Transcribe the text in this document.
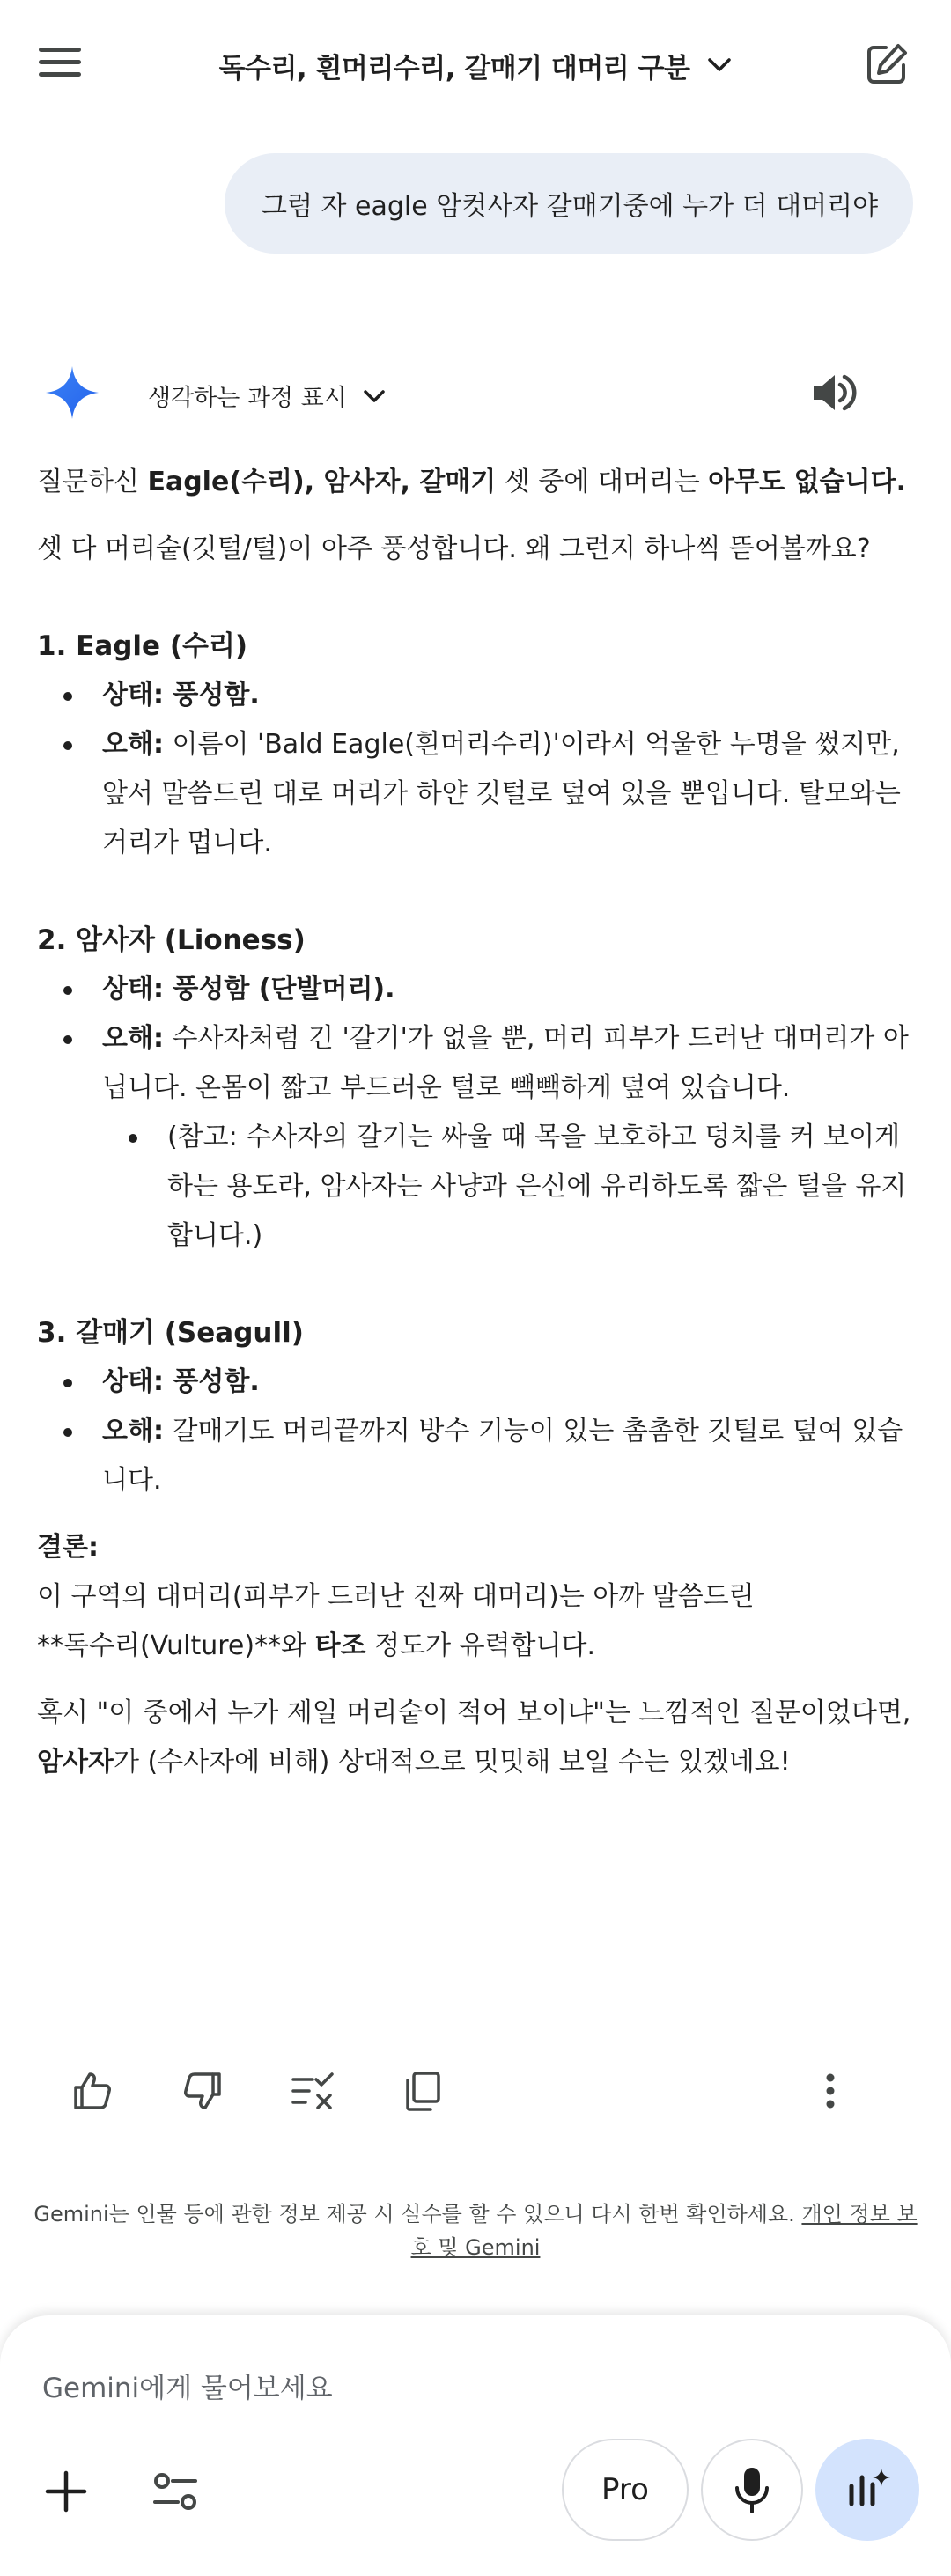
독수리, 흰머리수리, 갈매기 대머리 구분
그럼 자 eagle 암컷사자 갈매기중에 누가 더 대머리야
생각하는 과정 표시

질문하신 Eagle(수리), 암사자, 갈매기 셋 중에 대머리는 아무도 없습니다.

셋 다 머리숱(깃털/털)이 아주 풍성합니다. 왜 그런지 하나씩 뜯어볼까요?

1. Eagle (수리)

상태: 풍성함.

오해: 이름이 'Bald Eagle(흰머리수리)'이라서 억울한 누명을 썼지만, 앞서 말씀드린 대로 머리가 하얀 깃털로 덮여 있을 뿐입니다. 탈모와는 거리가 멉니다.

2. 암사자 (Lioness)

상태: 풍성함 (단발머리).

오해: 수사자처럼 긴 '갈기'가 없을 뿐, 머리 피부가 드러난 대머리가 아닙니다. 온몸이 짧고 부드러운 털로 빽빽하게 덮여 있습니다.

(참고: 수사자의 갈기는 싸울 때 목을 보호하고 덩치를 커 보이게 하는 용도라, 암사자는 사냥과 은신에 유리하도록 짧은 털을 유지합니다.)

3. 갈매기 (Seagull)

상태: 풍성함.

오해: 갈매기도 머리끝까지 방수 기능이 있는 촘촘한 깃털로 덮여 있습니다.

결론:

이 구역의 대머리(피부가 드러난 진짜 대머리)는 아까 말씀드린

**독수리(Vulture)**와 타조 정도가 유력합니다.

혹시 "이 중에서 누가 제일 머리숱이 적어 보이냐"는 느낌적인 질문이었다면,

암사자가 (수사자에 비해) 상대적으로 밋밋해 보일 수는 있겠네요!

Gemini는 인물 등에 관한 정보 제공 시 실수를 할 수 있으니 다시 한번 확인하세요. 개인 정보 보호 및 Gemini
Gemini에게 물어보세요
Pro
